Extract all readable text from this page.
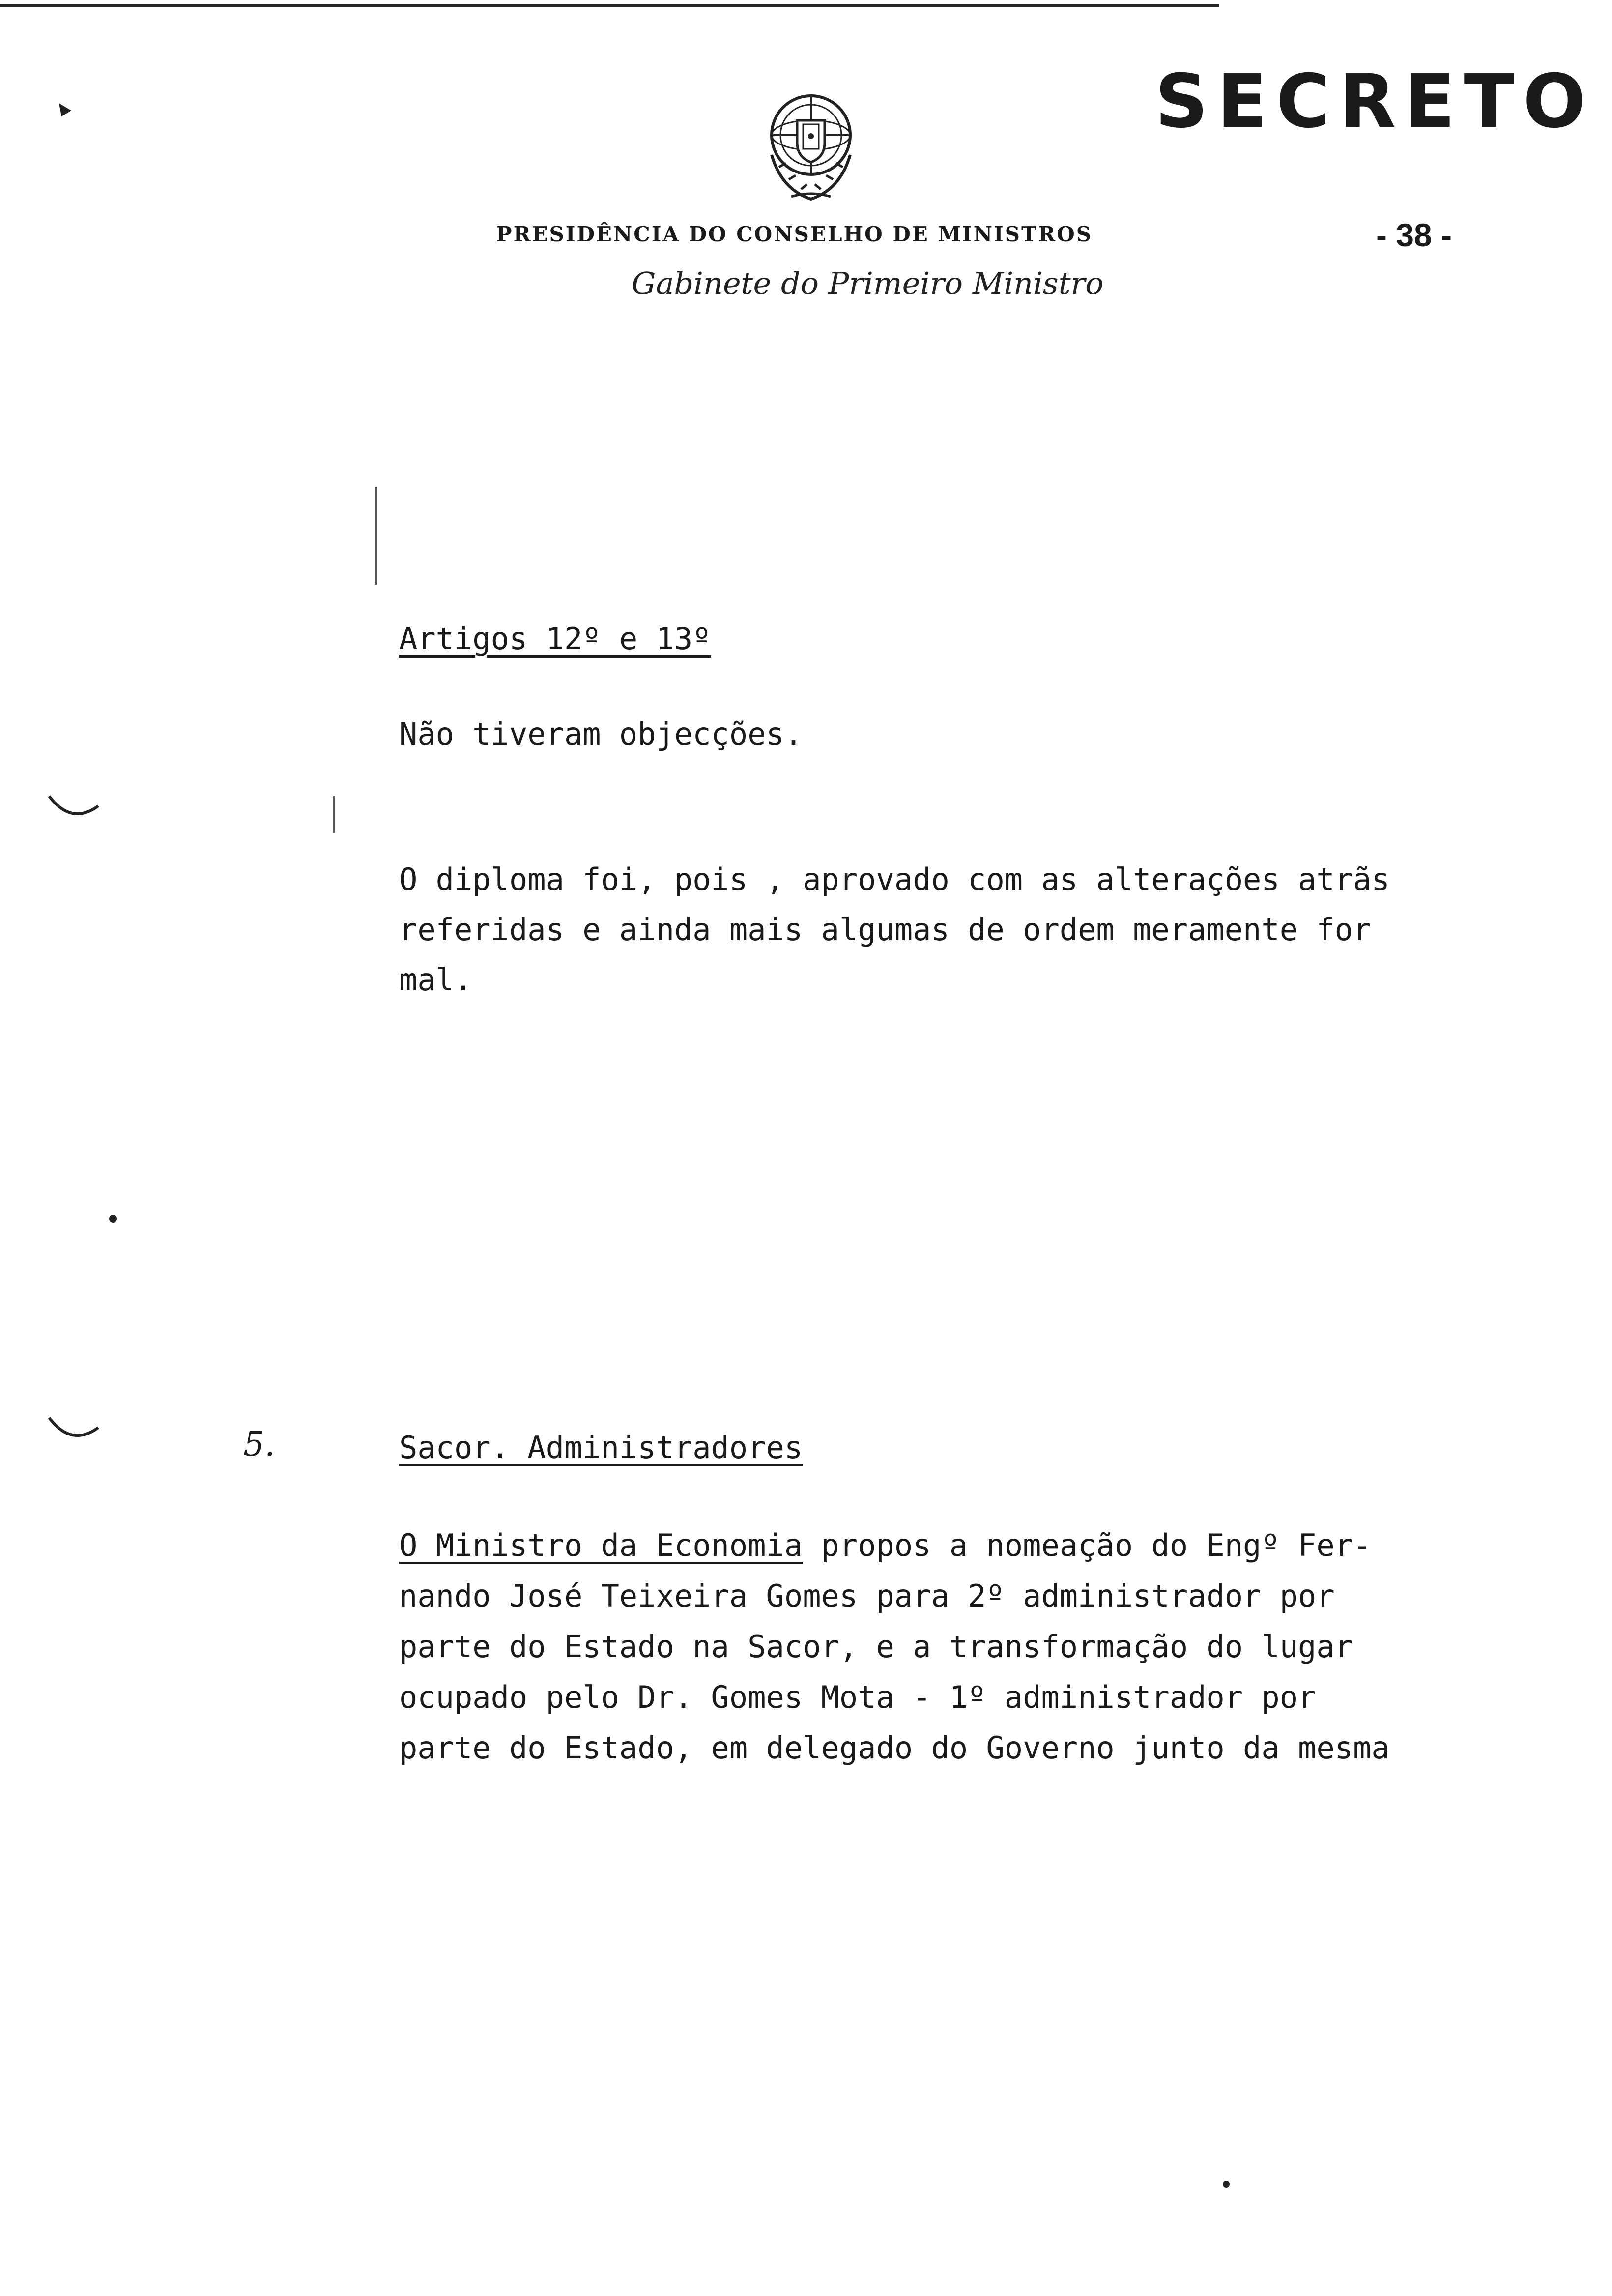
SECRETO
PRESIDÊNCIA DO CONSELHO DE MINISTROS
Gabinete do Primeiro Ministro
- 38 -
Artigos 12º e 13º
Não tiveram objecções.
O diploma foi, pois , aprovado com as alterações atrãs
referidas e ainda mais algumas de ordem meramente for
mal.
5.	Sacor. Administradores
O Ministro da Economia propos a nomeação do Engº Fer-
nando José Teixeira Gomes para 2º administrador por
parte do Estado na Sacor, e a transformação do lugar
ocupado pelo Dr. Gomes Mota - 1º administrador por
parte do Estado, em delegado do Governo junto da mesma
